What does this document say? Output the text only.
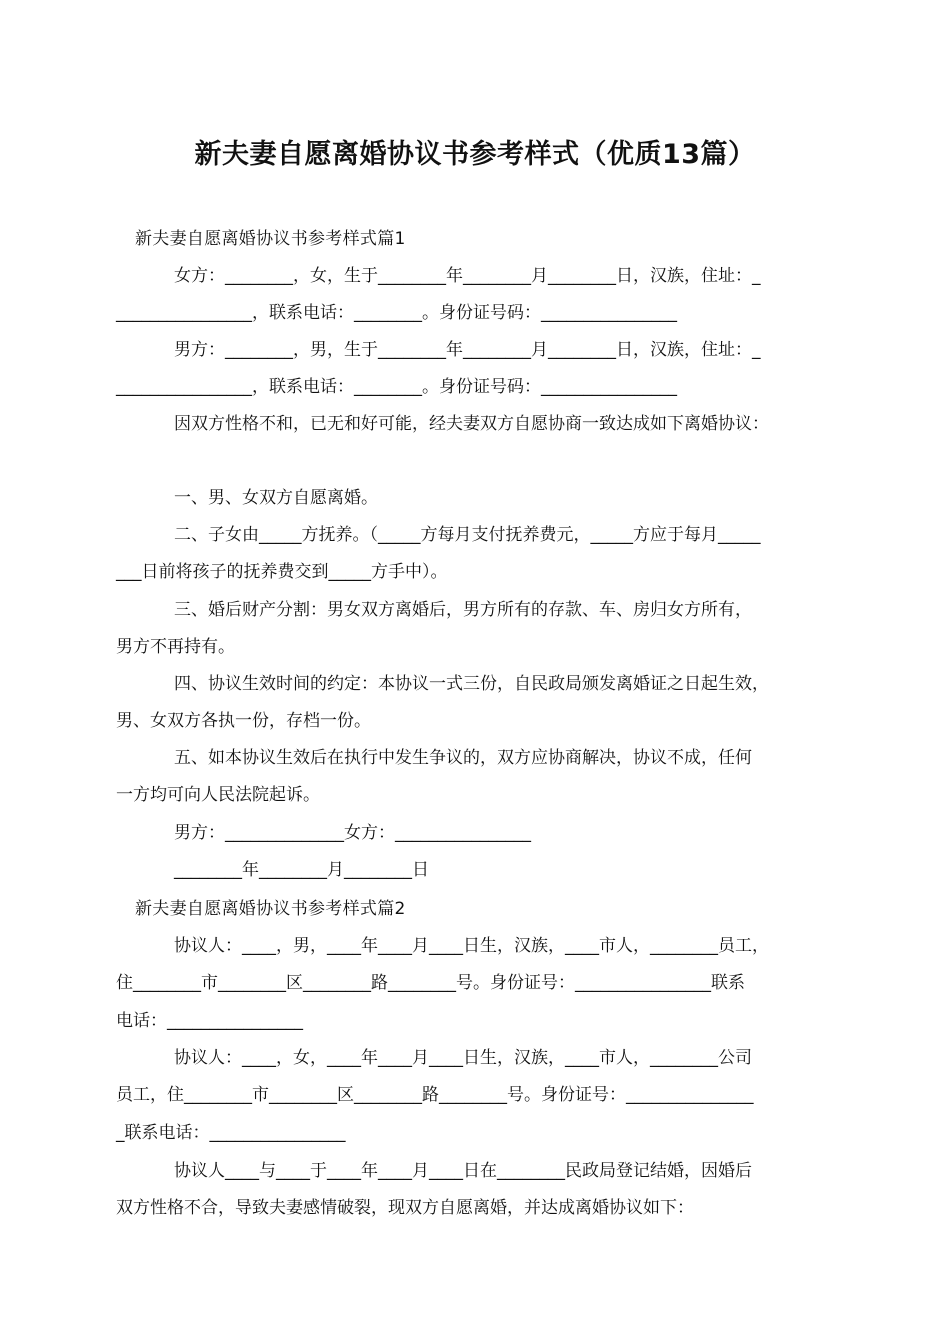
新夫妻自愿离婚协议书参考样式（优质13篇）
新夫妻自愿离婚协议书参考样式篇1
女方：________，女，生于________年________月________日，汉族，住址：_
________________，联系电话：________。身份证号码：________________
男方：________，男，生于________年________月________日，汉族，住址：_
________________，联系电话：________。身份证号码：________________
因双方性格不和，已无和好可能，经夫妻双方自愿协商一致达成如下离婚协议：
一、男、女双方自愿离婚。
二、子女由_____方抚养。（_____方每月支付抚养费元，_____方应于每月_____
___日前将孩子的抚养费交到_____方手中）。
三、婚后财产分割：男女双方离婚后，男方所有的存款、车、房归女方所有，
男方不再持有。
四、协议生效时间的约定：本协议一式三份，自民政局颁发离婚证之日起生效，
男、女双方各执一份，存档一份。
五、如本协议生效后在执行中发生争议的，双方应协商解决，协议不成，任何
一方均可向人民法院起诉。
男方：______________女方：________________
________年________月________日
新夫妻自愿离婚协议书参考样式篇2
协议人：____，男，____年____月____日生，汉族，____市人，________员工，
住________市________区________路________号。身份证号：________________联系
电话：________________
协议人：____，女，____年____月____日生，汉族，____市人，________公司
员工，住________市________区________路________号。身份证号：_______________
_联系电话：________________
协议人____与____于____年____月____日在________民政局登记结婚，因婚后
双方性格不合，导致夫妻感情破裂，现双方自愿离婚，并达成离婚协议如下：
